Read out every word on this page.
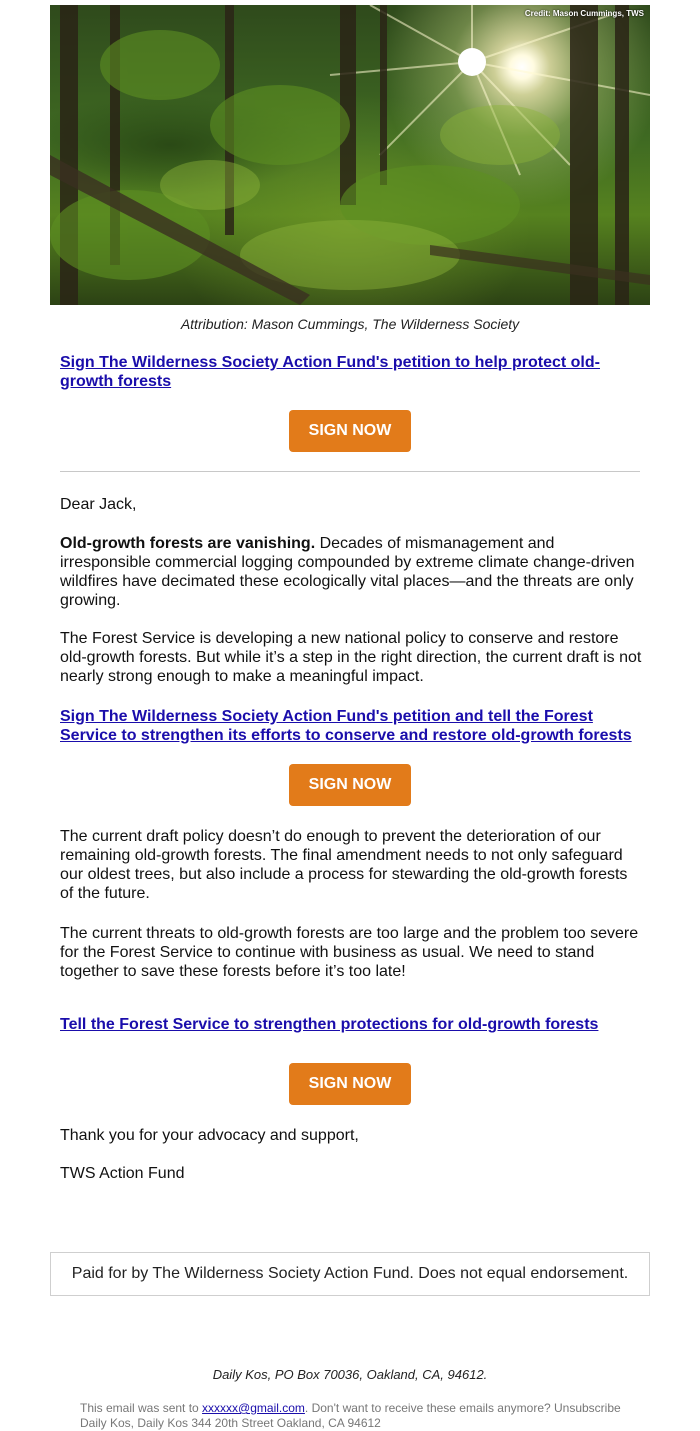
Credit: Mason Cummings, TWS
Attribution: Mason Cummings, The Wilderness Society
Sign The Wilderness Society Action Fund's petition to help protect old-growth forests
SIGN NOW
Dear Jack,
Old-growth forests are vanishing. Decades of mismanagement and irresponsible commercial logging compounded by extreme climate change-driven wildfires have decimated these ecologically vital places—and the threats are only growing.
The Forest Service is developing a new national policy to conserve and restore old-growth forests. But while it’s a step in the right direction, the current draft is not nearly strong enough to make a meaningful impact.
Sign The Wilderness Society Action Fund's petition and tell the Forest Service to strengthen its efforts to conserve and restore old-growth forests
SIGN NOW
The current draft policy doesn’t do enough to prevent the deterioration of our remaining old-growth forests. The final amendment needs to not only safeguard our oldest trees, but also include a process for stewarding the old-growth forests of the future.
The current threats to old-growth forests are too large and the problem too severe for the Forest Service to continue with business as usual. We need to stand together to save these forests before it’s too late!
Tell the Forest Service to strengthen protections for old-growth forests
SIGN NOW
Thank you for your advocacy and support,
TWS Action Fund
Paid for by The Wilderness Society Action Fund. Does not equal endorsement.
Daily Kos, PO Box 70036, Oakland, CA, 94612.
This email was sent to xxxxxx@gmail.com. Don't want to receive these emails anymore? Unsubscribe
Daily Kos, Daily Kos 344 20th Street Oakland, CA 94612
